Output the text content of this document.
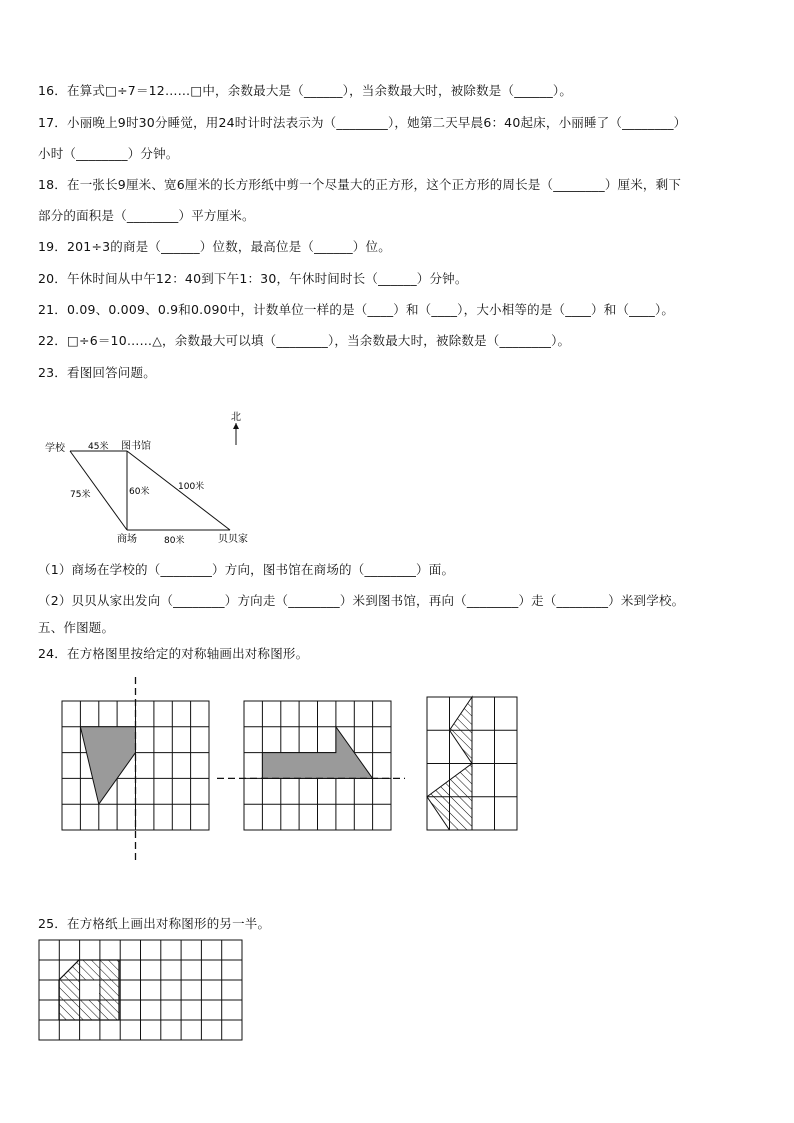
16．在算式□÷7＝12……□中，余数最大是（______），当余数最大时，被除数是（______）。
17．小丽晚上9时30分睡觉，用24时计时法表示为（________），她第二天早晨6：40起床，小丽睡了（________）
小时（________）分钟。
18．在一张长9厘米、宽6厘米的长方形纸中剪一个尽量大的正方形，这个正方形的周长是（________）厘米，剩下
部分的面积是（________）平方厘米。
19．201÷3的商是（______）位数，最高位是（______）位。
20．午休时间从中午12：40到下午1：30，午休时间时长（______）分钟。
21．0.09、0.009、0.9和0.090中，计数单位一样的是（____）和（____），大小相等的是（____）和（____）。
22．□÷6＝10……△，余数最大可以填（________），当余数最大时，被除数是（________）。
23．看图回答问题。
北
学校	图书馆
商场	贝贝家
45米
75米	60米	100米
80米
（1）商场在学校的（________）方向，图书馆在商场的（________）面。
（2）贝贝从家出发向（________）方向走（________）米到图书馆，再向（________）走（________）米到学校。
五、作图题。
24．在方格图里按给定的对称轴画出对称图形。
25．在方格纸上画出对称图形的另一半。
